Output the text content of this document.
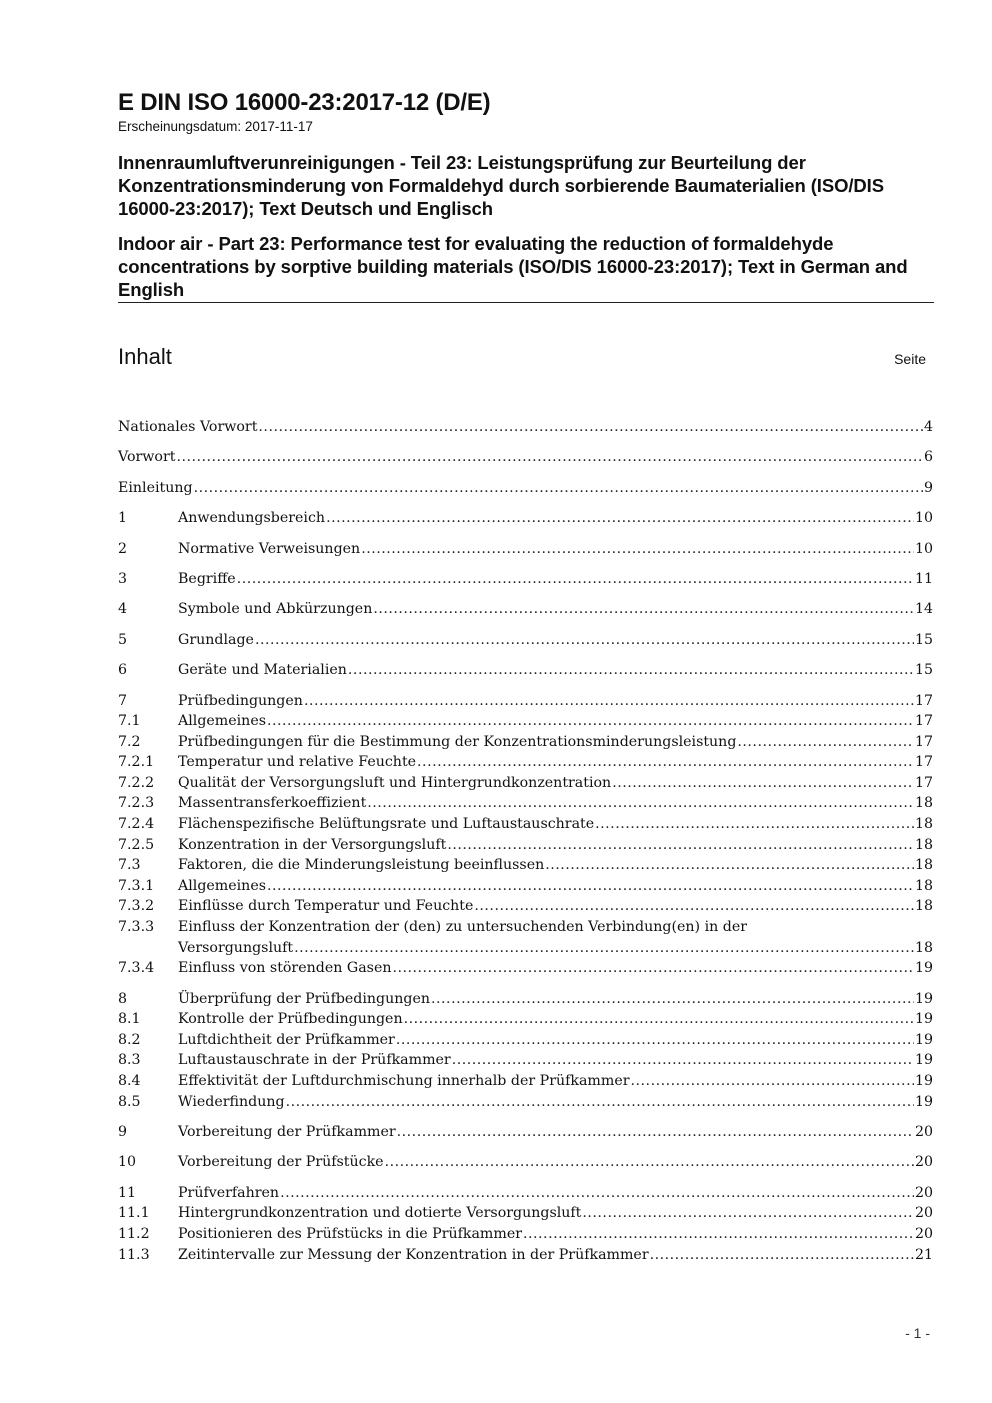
E DIN ISO 16000-23:2017-12 (D/E)

Erscheinungsdatum: 2017-11-17

Innenraumluftverunreinigungen - Teil 23: Leistungsprüfung zur Beurteilung der Konzentrationsminderung von Formaldehyd durch sorbierende Baumaterialien (ISO/DIS 16000-23:2017); Text Deutsch und Englisch

Indoor air - Part 23: Performance test for evaluating the reduction of formaldehyde concentrations by sorptive building materials (ISO/DIS 16000-23:2017); Text in German and English

Inhalt	Seite
Nationales Vorwort .....	4
Vorwort .....	6
Einleitung .....	9
1	Anwendungsbereich .....	10
2	Normative Verweisungen .....	10
3	Begriffe .....	11
4	Symbole und Abkürzungen .....	14
5	Grundlage .....	15
6	Geräte und Materialien .....	15
7	Prüfbedingungen .....	17
7.1	Allgemeines .....	17
7.2	Prüfbedingungen für die Bestimmung der Konzentrationsminderungsleistung .....	17
7.2.1 Temperatur und relative Feuchte .....	17
7.2.2 Qualität der Versorgungsluft und Hintergrundkonzentration .....	17
7.2.3 Massentransferkoeffizient .....	18
7.2.4 Flächenspezifische Belüftungsrate und Luftaustauschrate .....	18
7.2.5 Konzentration in der Versorgungsluft .....	18
7.3	Faktoren, die die Minderungsleistung beeinflussen .....	18
7.3.1 Allgemeines .....	18
7.3.2 Einflüsse durch Temperatur und Feuchte .....	18
7.3.3 Einfluss der Konzentration der (den) zu untersuchenden Verbindung(en) in der
Versorgungsluft .....	18
7.3.4 Einfluss von störenden Gasen .....	19
8	Überprüfung der Prüfbedingungen .....	19
8.1	Kontrolle der Prüfbedingungen .....	19
8.2	Luftdichtheit der Prüfkammer .....	19
8.3	Luftaustauschrate in der Prüfkammer .....	19
8.4	Effektivität der Luftdurchmischung innerhalb der Prüfkammer .....	19
8.5	Wiederfindung .....	19
9	Vorbereitung der Prüfkammer .....	20
10	Vorbereitung der Prüfstücke .....	20
11	Prüfverfahren .....	20
11.1 Hintergrundkonzentration und dotierte Versorgungsluft .....	20
11.2 Positionieren des Prüfstücks in die Prüfkammer .....	20
11.3 Zeitintervalle zur Messung der Konzentration in der Prüfkammer .....	21
- 1 -
